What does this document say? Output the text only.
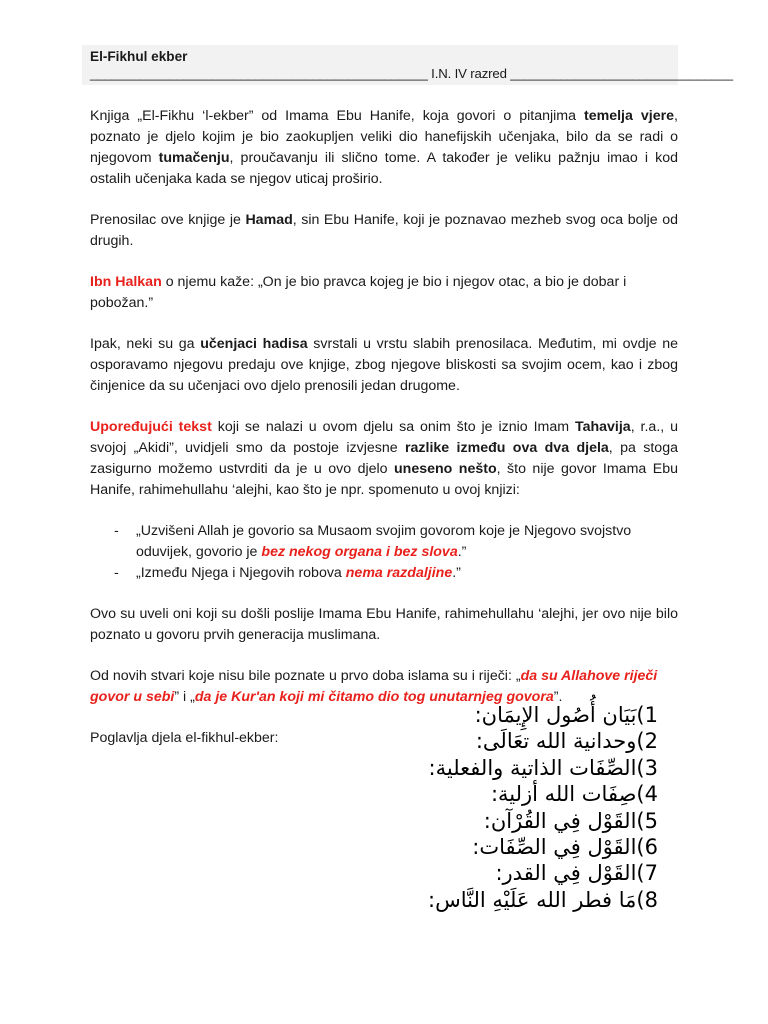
El-Fikhul ekber
_______________________________________________ I.N. IV razred _______________________________

Knjiga „El-Fikhu ‘l-ekber” od Imama Ebu Hanife, koja govori o pitanjima temelja vjere, poznato je djelo kojim je bio zaokupljen veliki dio hanefijskih učenjaka, bilo da se radi o njegovom tumačenju, proučavanju ili slično tome. A također je veliku pažnju imao i kod ostalih učenjaka kada se njegov uticaj proširio.

Prenosilac ove knjige je Hamad, sin Ebu Hanife, koji je poznavao mezheb svog oca bolje od drugih.

Ibn Halkan o njemu kaže: „On je bio pravca kojeg je bio i njegov otac, a bio je dobar i pobožan.”

Ipak, neki su ga učenjaci hadisa svrstali u vrstu slabih prenosilaca. Međutim, mi ovdje ne osporavamo njegovu predaju ove knjige, zbog njegove bliskosti sa svojim ocem, kao i zbog činjenice da su učenjaci ovo djelo prenosili jedan drugome.

Upoređujući tekst koji se nalazi u ovom djelu sa onim što je iznio Imam Tahavija, r.a., u svojoj „Akidi”, uvidjeli smo da postoje izvjesne razlike između ova dva djela, pa stoga zasigurno možemo ustvrditi da je u ovo djelo uneseno nešto, što nije govor Imama Ebu Hanife, rahimehullahu ‘alejhi, kao što je npr. spomenuto u ovoj knjizi:

- „Uzvišeni Allah je govorio sa Musaom svojim govorom koje je Njegovo svojstvo oduvijek, govorio je bez nekog organa i bez slova.”
- „Između Njega i Njegovih robova nema razdaljine.”

Ovo su uveli oni koji su došli poslije Imama Ebu Hanife, rahimehullahu ‘alejhi, jer ovo nije bilo poznato u govoru prvih generacija muslimana.

Od novih stvari koje nisu bile poznate u prvo doba islama su i riječi: „da su Allahove riječi govor u sebi” i „da je Kur'an koji mi čitamo dio tog unutarnjeg govora”.

Poglavlja djela el-fikhul-ekber:

1)بَيَان أُصُول الإِيمَان:
2)وحدانية الله تعَالَى:
3)الصِّفَات الذاتية والفعلية:
4)صِفَات الله أزلية:
5)القَوْل فِي القُرْآن:
6)القَوْل فِي الصِّفَات:
7)القَوْل فِي القدر:
8)مَا فطر الله عَلَيْهِ النَّاس:
